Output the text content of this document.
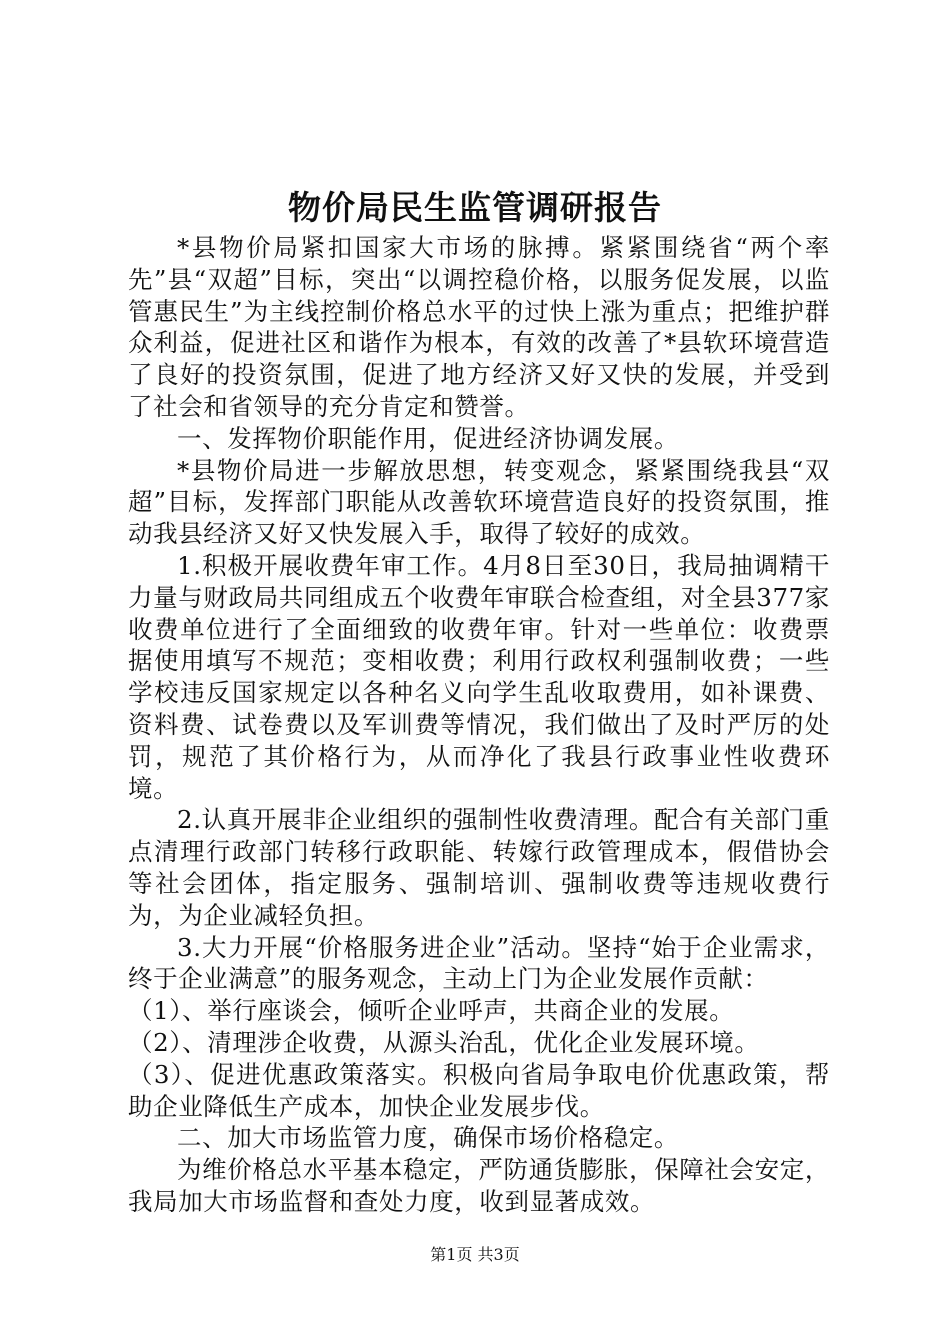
物价局民生监管调研报告

*县物价局紧扣国家大市场的脉搏。紧紧围绕省“两个率先”县“双超”目标，突出“以调控稳价格，以服务促发展，以监管惠民生”为主线控制价格总水平的过快上涨为重点；把维护群众利益，促进社区和谐作为根本，有效的改善了*县软环境营造了良好的投资氛围，促进了地方经济又好又快的发展，并受到了社会和省领导的充分肯定和赞誉。

一、发挥物价职能作用，促进经济协调发展。

*县物价局进一步解放思想，转变观念，紧紧围绕我县“双超”目标，发挥部门职能从改善软环境营造良好的投资氛围，推动我县经济又好又快发展入手，取得了较好的成效。

1.积极开展收费年审工作。4月8日至30日，我局抽调精干力量与财政局共同组成五个收费年审联合检查组，对全县377家收费单位进行了全面细致的收费年审。针对一些单位：收费票据使用填写不规范；变相收费；利用行政权利强制收费；一些学校违反国家规定以各种名义向学生乱收取费用，如补课费、资料费、试卷费以及军训费等情况，我们做出了及时严厉的处罚，规范了其价格行为，从而净化了我县行政事业性收费环境。

2.认真开展非企业组织的强制性收费清理。配合有关部门重点清理行政部门转移行政职能、转嫁行政管理成本，假借协会等社会团体，指定服务、强制培训、强制收费等违规收费行为，为企业减轻负担。

3.大力开展“价格服务进企业”活动。坚持“始于企业需求，终于企业满意”的服务观念，主动上门为企业发展作贡献：

（1）、举行座谈会，倾听企业呼声，共商企业的发展。

（2）、清理涉企收费，从源头治乱，优化企业发展环境。

（3）、促进优惠政策落实。积极向省局争取电价优惠政策，帮助企业降低生产成本，加快企业发展步伐。

二、加大市场监管力度，确保市场价格稳定。

为维价格总水平基本稳定，严防通货膨胀，保障社会安定，我局加大市场监督和查处力度，收到显著成效。

第1页 共3页
